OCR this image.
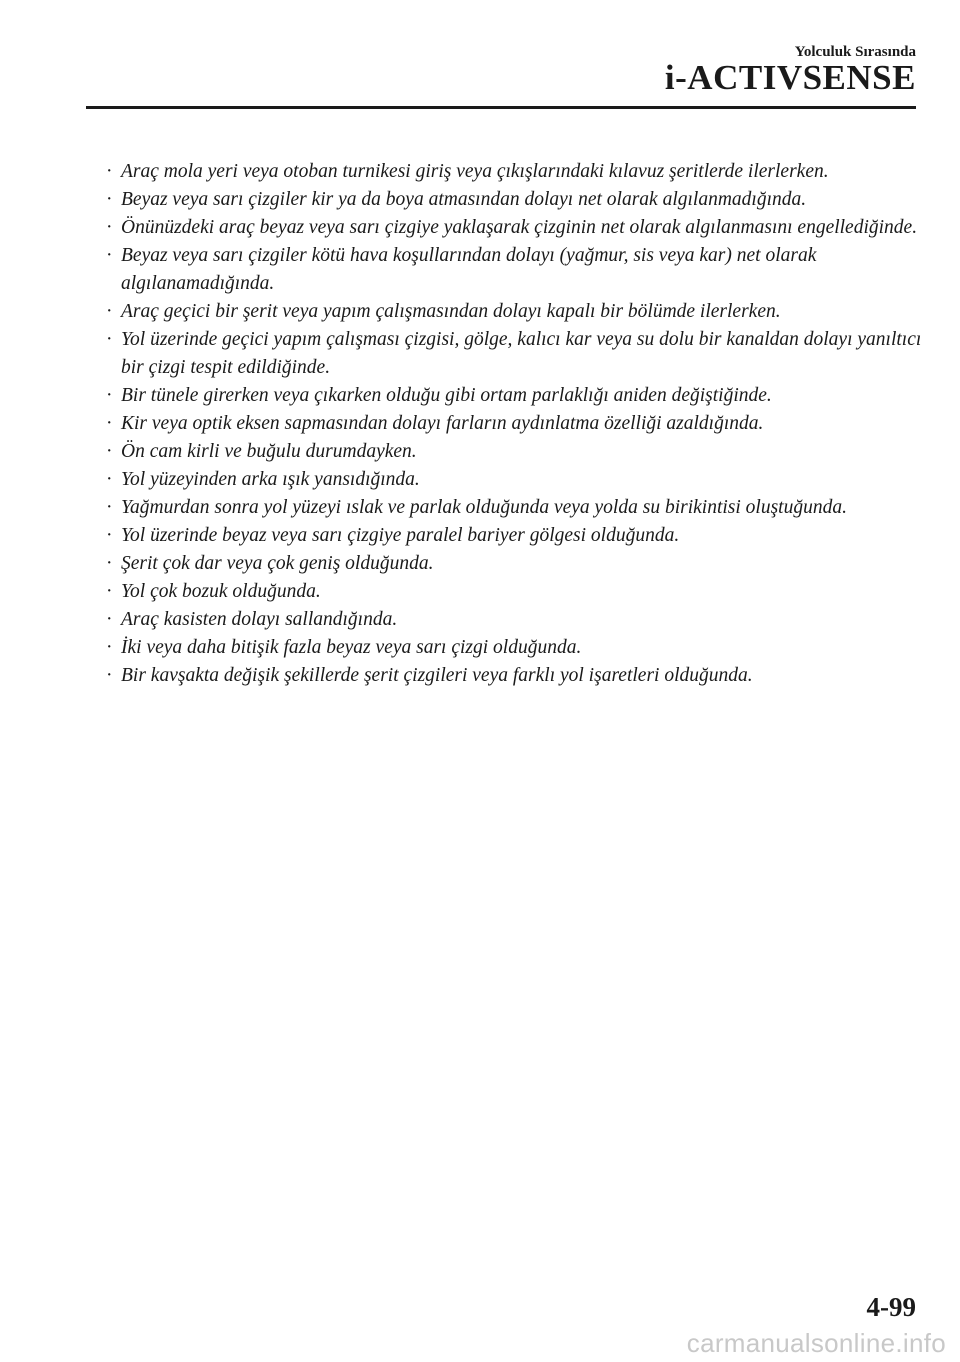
Yolculuk Sırasında
i-ACTIVSENSE
· Araç mola yeri veya otoban turnikesi giriş veya çıkışlarındaki kılavuz şeritlerde ilerlerken.
· Beyaz veya sarı çizgiler kir ya da boya atmasından dolayı net olarak algılanmadığında.
· Önünüzdeki araç beyaz veya sarı çizgiye yaklaşarak çizginin net olarak algılanmasını engellediğinde.
· Beyaz veya sarı çizgiler kötü hava koşullarından dolayı (yağmur, sis veya kar) net olarak algılanamadığında.
· Araç geçici bir şerit veya yapım çalışmasından dolayı kapalı bir bölümde ilerlerken.
· Yol üzerinde geçici yapım çalışması çizgisi, gölge, kalıcı kar veya su dolu bir kanaldan dolayı yanıltıcı bir çizgi tespit edildiğinde.
· Bir tünele girerken veya çıkarken olduğu gibi ortam parlaklığı aniden değiştiğinde.
· Kir veya optik eksen sapmasından dolayı farların aydınlatma özelliği azaldığında.
· Ön cam kirli ve buğulu durumdayken.
· Yol yüzeyinden arka ışık yansıdığında.
· Yağmurdan sonra yol yüzeyi ıslak ve parlak olduğunda veya yolda su birikintisi oluştuğunda.
· Yol üzerinde beyaz veya sarı çizgiye paralel bariyer gölgesi olduğunda.
· Şerit çok dar veya çok geniş olduğunda.
· Yol çok bozuk olduğunda.
· Araç kasisten dolayı sallandığında.
· İki veya daha bitişik fazla beyaz veya sarı çizgi olduğunda.
· Bir kavşakta değişik şekillerde şerit çizgileri veya farklı yol işaretleri olduğunda.
4-99
carmanualsonline.info
